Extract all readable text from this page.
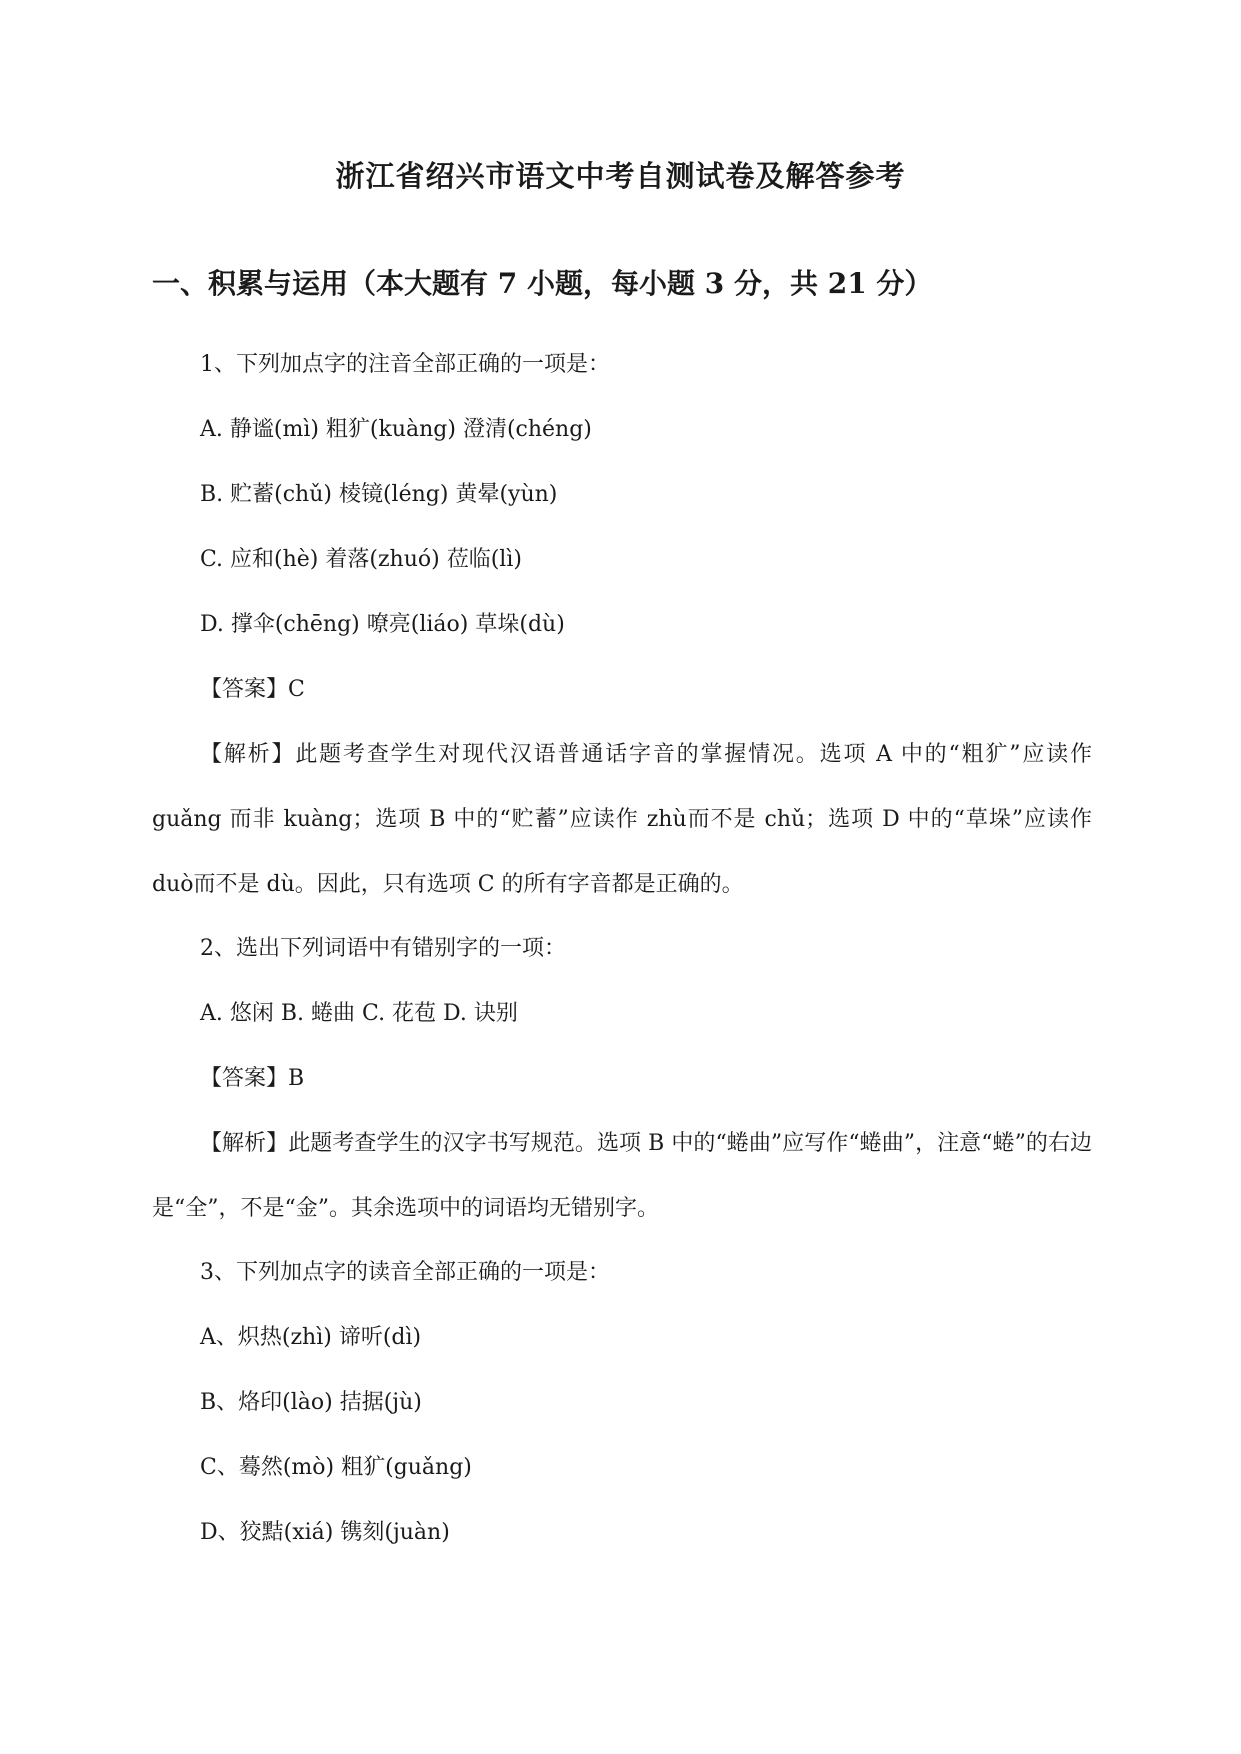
浙江省绍兴市语文中考自测试卷及解答参考
一、积累与运用（本大题有 7 小题，每小题 3 分，共 21 分）
1、下列加点字的注音全部正确的一项是：
A. 静谧(mì) 粗犷(kuàng) 澄清(chéng)
B. 贮蓄(chǔ) 棱镜(léng) 黄晕(yùn)
C. 应和(hè) 着落(zhuó) 莅临(lì)
D. 撑伞(chēng) 嘹亮(liáo) 草垛(dù)
【答案】C

【解析】此题考查学生对现代汉语普通话字音的掌握情况。选项 A 中的“粗犷”应读作 guǎng 而非 kuàng；选项 B 中的“贮蓄”应读作 zhù而不是 chǔ；选项 D 中的“草垛”应读作 duò而不是 dù。因此，只有选项 C 的所有字音都是正确的。

2、选出下列词语中有错别字的一项：
A. 悠闲 B. 蜷曲 C. 花苞 D. 诀别
【答案】B

【解析】此题考查学生的汉字书写规范。选项 B 中的“蜷曲”应写作“蜷曲”，注意“蜷”的右边是“全”，不是“金”。其余选项中的词语均无错别字。

3、下列加点字的读音全部正确的一项是：
A、炽热(zhì) 谛听(dì)
B、烙印(lào) 拮据(jù)
C、蓦然(mò) 粗犷(guǎng)
D、狡黠(xiá) 镌刻(juàn)
